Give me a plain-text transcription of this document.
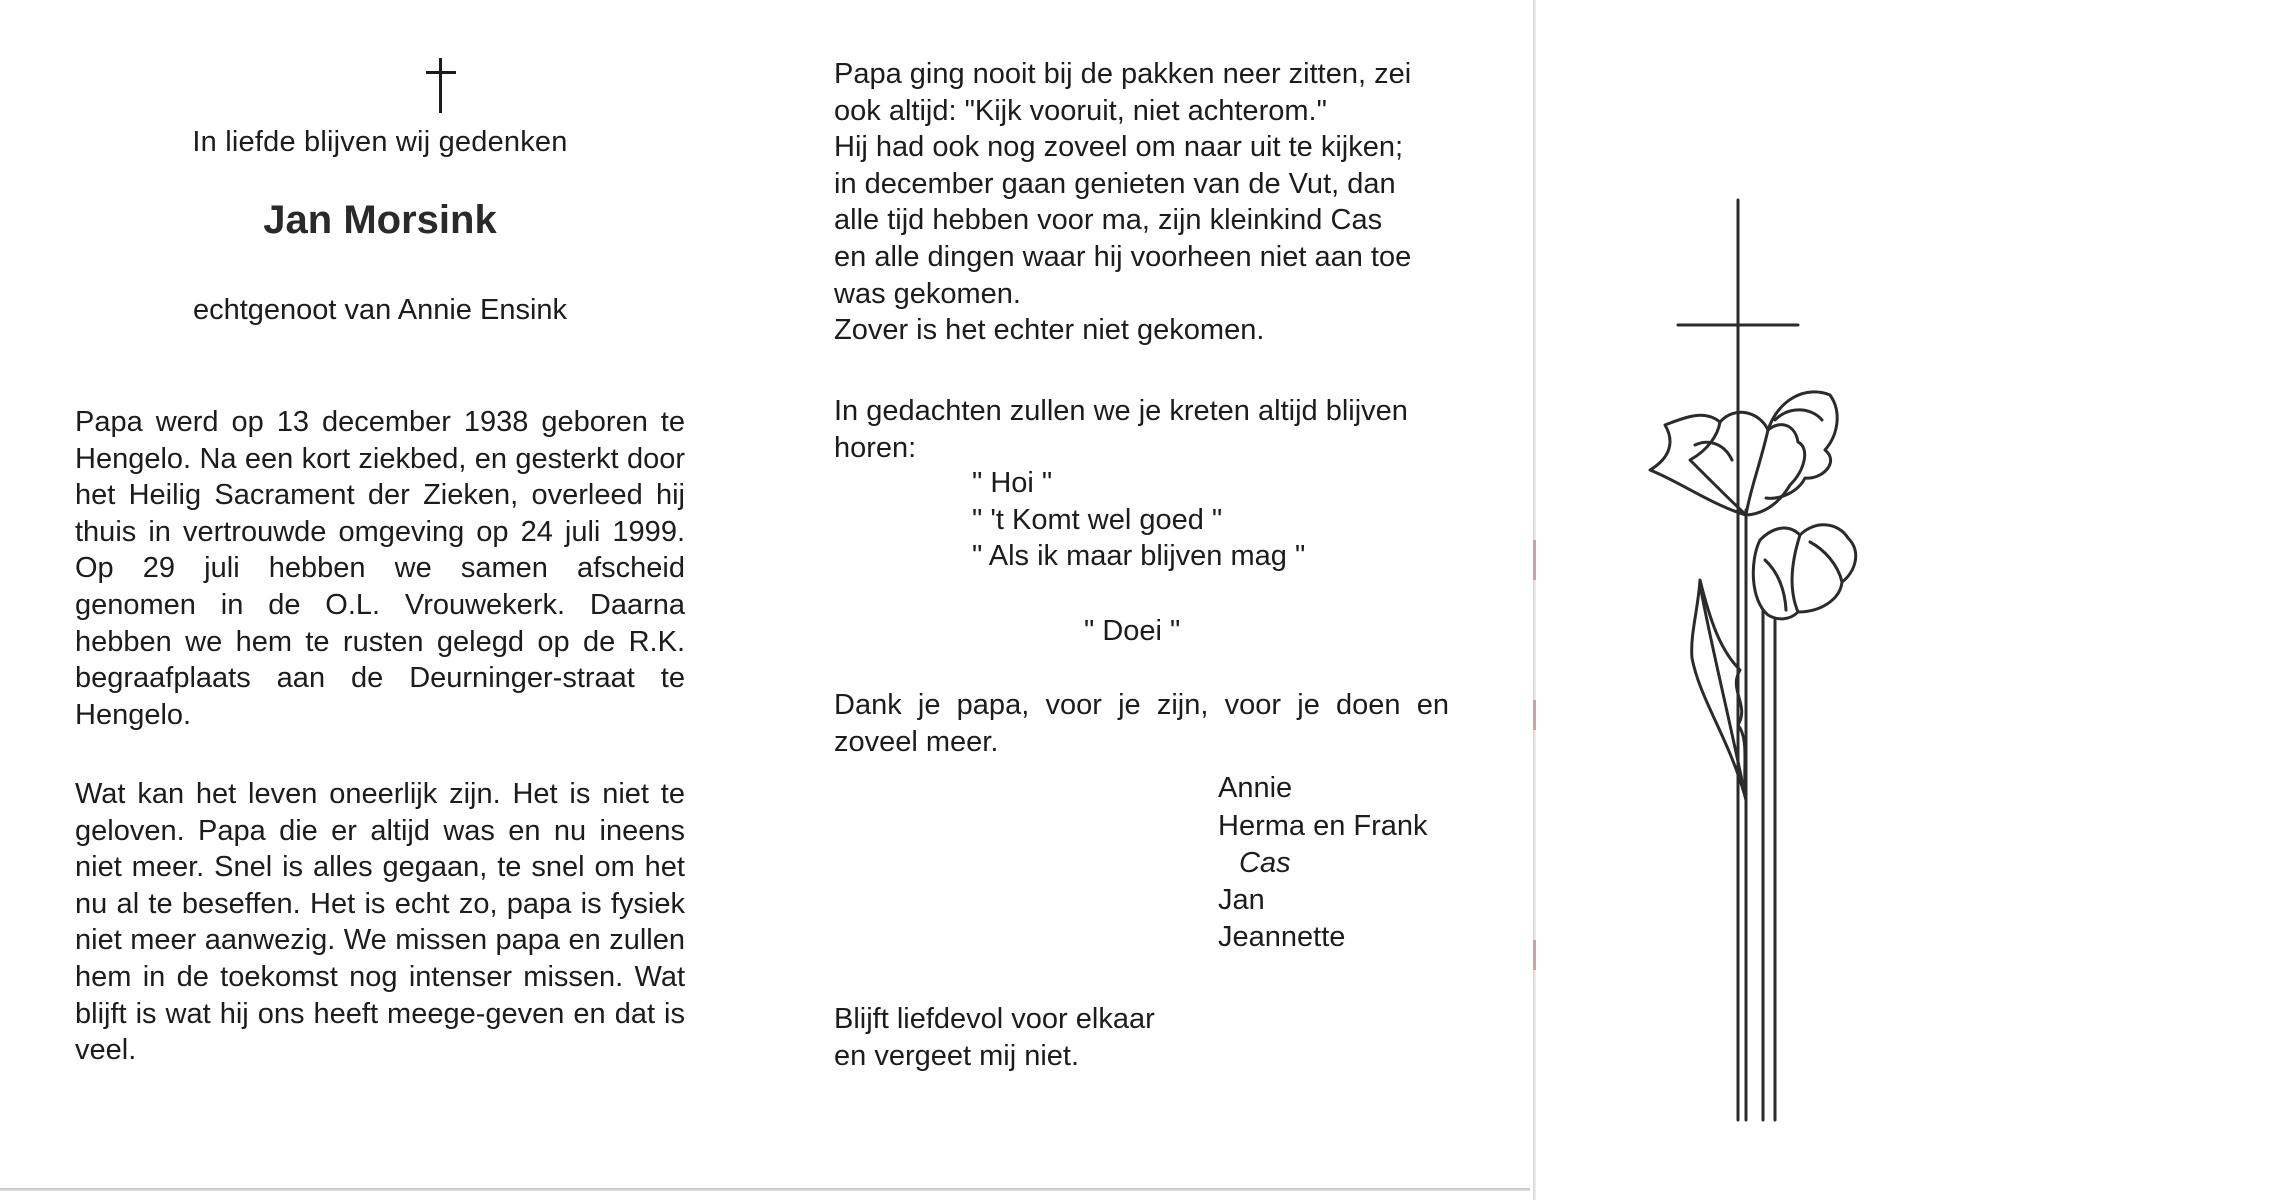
In liefde blijven wij gedenken
Jan Morsink
echtgenoot van Annie Ensink

Papa werd op 13 december 1938 geboren te Hengelo. Na een kort ziekbed, en gesterkt door het Heilig Sacrament der Zieken, overleed hij thuis in vertrouwde omgeving op 24 juli 1999. Op 29 juli hebben we samen afscheid genomen in de O.L. Vrouwekerk. Daarna hebben we hem te rusten gelegd op de R.K. begraafplaats aan de Deurninger-straat te Hengelo.

Wat kan het leven oneerlijk zijn. Het is niet te geloven. Papa die er altijd was en nu ineens niet meer. Snel is alles gegaan, te snel om het nu al te beseffen. Het is echt zo, papa is fysiek niet meer aanwezig. We missen papa en zullen hem in de toekomst nog intenser missen. Wat blijft is wat hij ons heeft meege-geven en dat is veel.

Papa ging nooit bij de pakken neer zitten, zei
ook altijd: "Kijk vooruit, niet achterom."
Hij had ook nog zoveel om naar uit te kijken;
in december gaan genieten van de Vut, dan
alle tijd hebben voor ma, zijn kleinkind Cas
en alle dingen waar hij voorheen niet aan toe
was gekomen.
Zover is het echter niet gekomen.

In gedachten zullen we je kreten altijd blijven
horen:

" Hoi "
" 't Komt wel goed "
" Als ik maar blijven mag "
" Doei "

Dank je papa, voor je zijn, voor je doen en zoveel meer.

Annie
Herma en Frank
Cas
Jan
Jeannette

Blijft liefdevol voor elkaar
en vergeet mij niet.
